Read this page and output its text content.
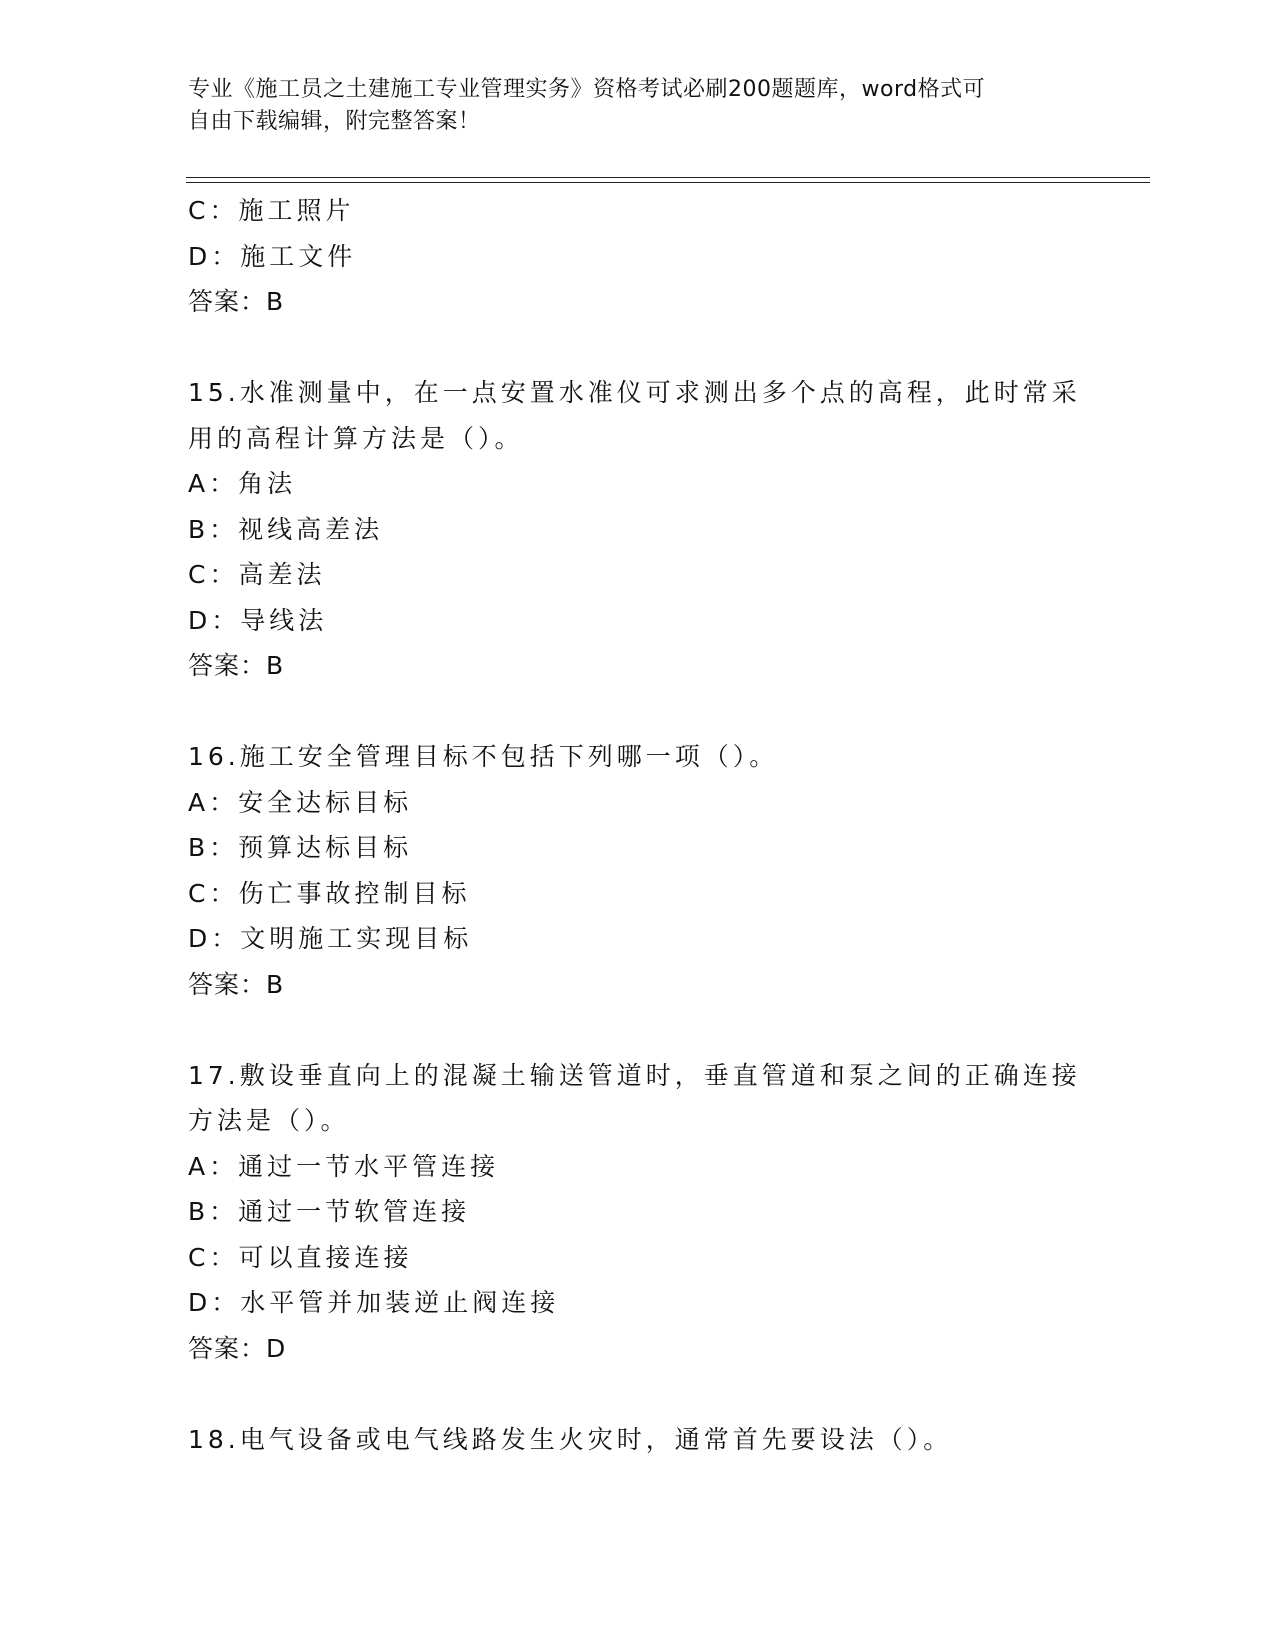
专业《施工员之土建施工专业管理实务》资格考试必刷200题题库，word格式可
自由下载编辑，附完整答案！
C：施工照片
D：施工文件
答案：B
15.水准测量中，在一点安置水准仪可求测出多个点的高程，此时常采
用的高程计算方法是（）。
A：角法
B：视线高差法
C：高差法
D：导线法
答案：B
16.施工安全管理目标不包括下列哪一项（）。
A：安全达标目标
B：预算达标目标
C：伤亡事故控制目标
D：文明施工实现目标
答案：B
17.敷设垂直向上的混凝土输送管道时，垂直管道和泵之间的正确连接
方法是（）。
A：通过一节水平管连接
B：通过一节软管连接
C：可以直接连接
D：水平管并加装逆止阀连接
答案：D
18.电气设备或电气线路发生火灾时，通常首先要设法（）。
